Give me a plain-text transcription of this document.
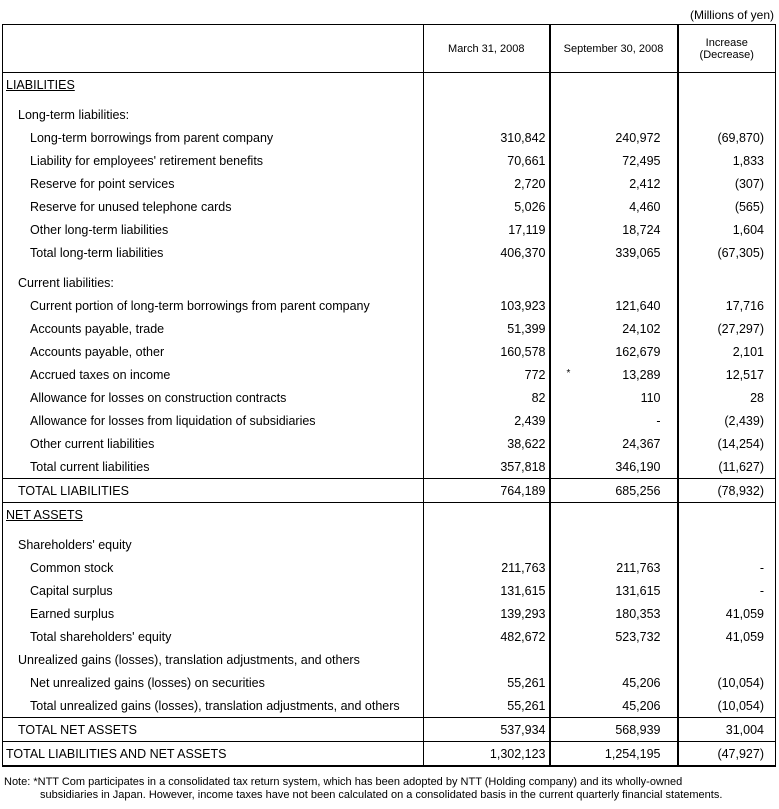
(Millions of yen)
	March 31, 2008	September 30, 2008	Increase
(Decrease)

LIABILITIES			

Long-term liabilities:			
Long-term borrowings from parent company	310,842	240,972	(69,870)
Liability for employees' retirement benefits	70,661	72,495	1,833
Reserve for point services	2,720	2,412	(307)
Reserve for unused telephone cards	5,026	4,460	(565)
Other long-term liabilities	17,119	18,724	1,604
Total long-term liabilities	406,370	339,065	(67,305)

Current liabilities:			
Current portion of long-term borrowings from parent company	103,923	121,640	17,716
Accounts payable, trade	51,399	24,102	(27,297)
Accounts payable, other	160,578	162,679	2,101
Accrued taxes on income	772	* 13,289	12,517
Allowance for losses on construction contracts	82	110	28
Allowance for losses from liquidation of subsidiaries	2,439	-	(2,439)
Other current liabilities	38,622	24,367	(14,254)
Total current liabilities	357,818	346,190	(11,627)
TOTAL LIABILITIES	764,189	685,256	(78,932)
NET ASSETS			

Shareholders' equity			
Common stock	211,763	211,763	-
Capital surplus	131,615	131,615	-
Earned surplus	139,293	180,353	41,059
Total shareholders' equity	482,672	523,732	41,059
Unrealized gains (losses), translation adjustments, and others			
Net unrealized gains (losses) on securities	55,261	45,206	(10,054)
Total unrealized gains (losses), translation adjustments, and others	55,261	45,206	(10,054)
TOTAL NET ASSETS	537,934	568,939	31,004
TOTAL LIABILITIES AND NET ASSETS	1,302,123	1,254,195	(47,927)
Note: *NTT Com participates in a consolidated tax return system, which has been adopted by NTT (Holding company) and its wholly-owned
subsidiaries in Japan. However, income taxes have not been calculated on a consolidated basis in the current quarterly financial statements.
